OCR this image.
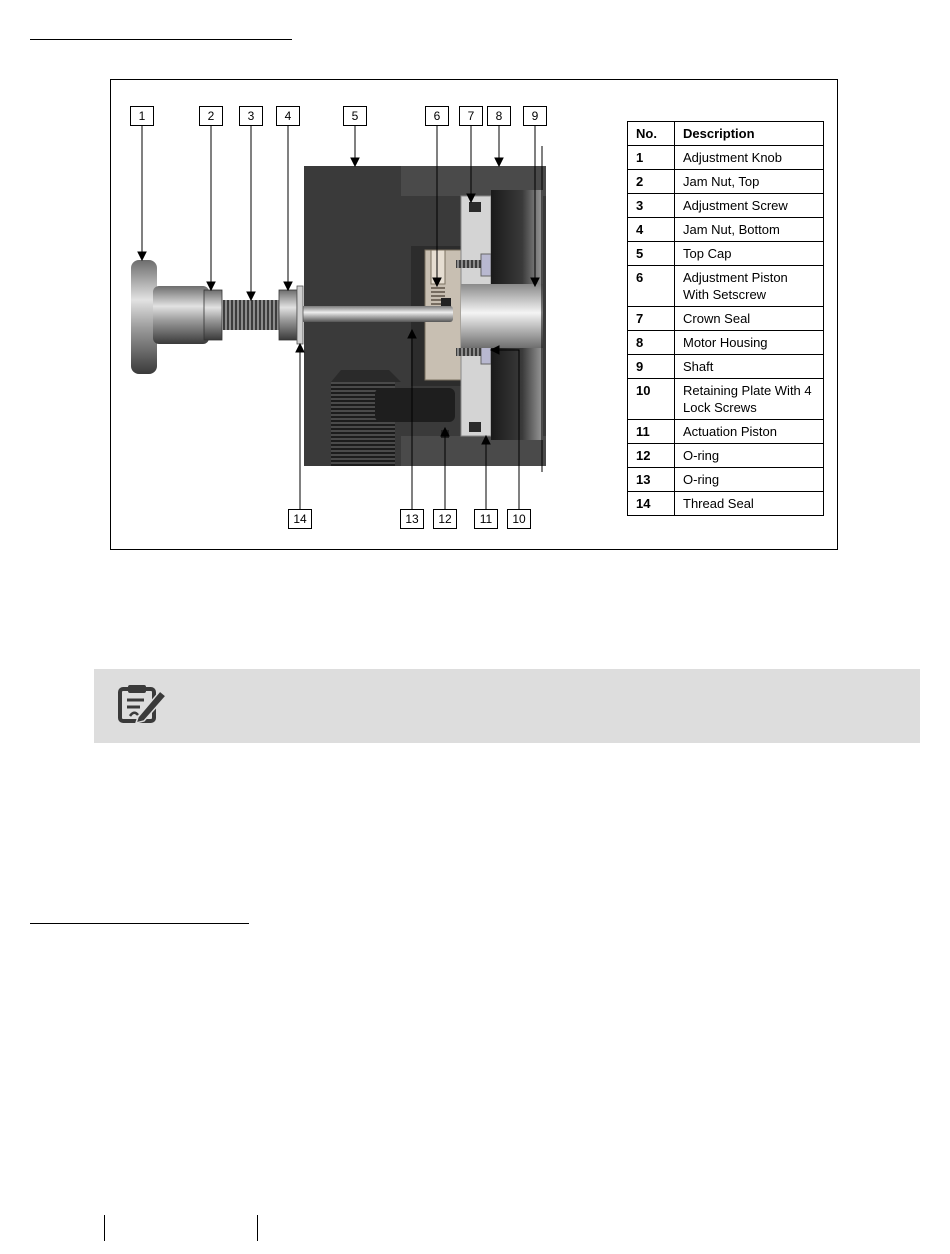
1	2	3	4	5	6	7	8	9
14	13	12	11	10
No.	Description
1	Adjustment Knob
2	Jam Nut, Top
3	Adjustment Screw
4	Jam Nut, Bottom
5	Top Cap
6	Adjustment Piston With Setscrew
7	Crown Seal
8	Motor Housing
9	Shaft
10	Retaining Plate With 4 Lock Screws
11	Actuation Piston
12	O-ring
13	O-ring
14	Thread Seal
